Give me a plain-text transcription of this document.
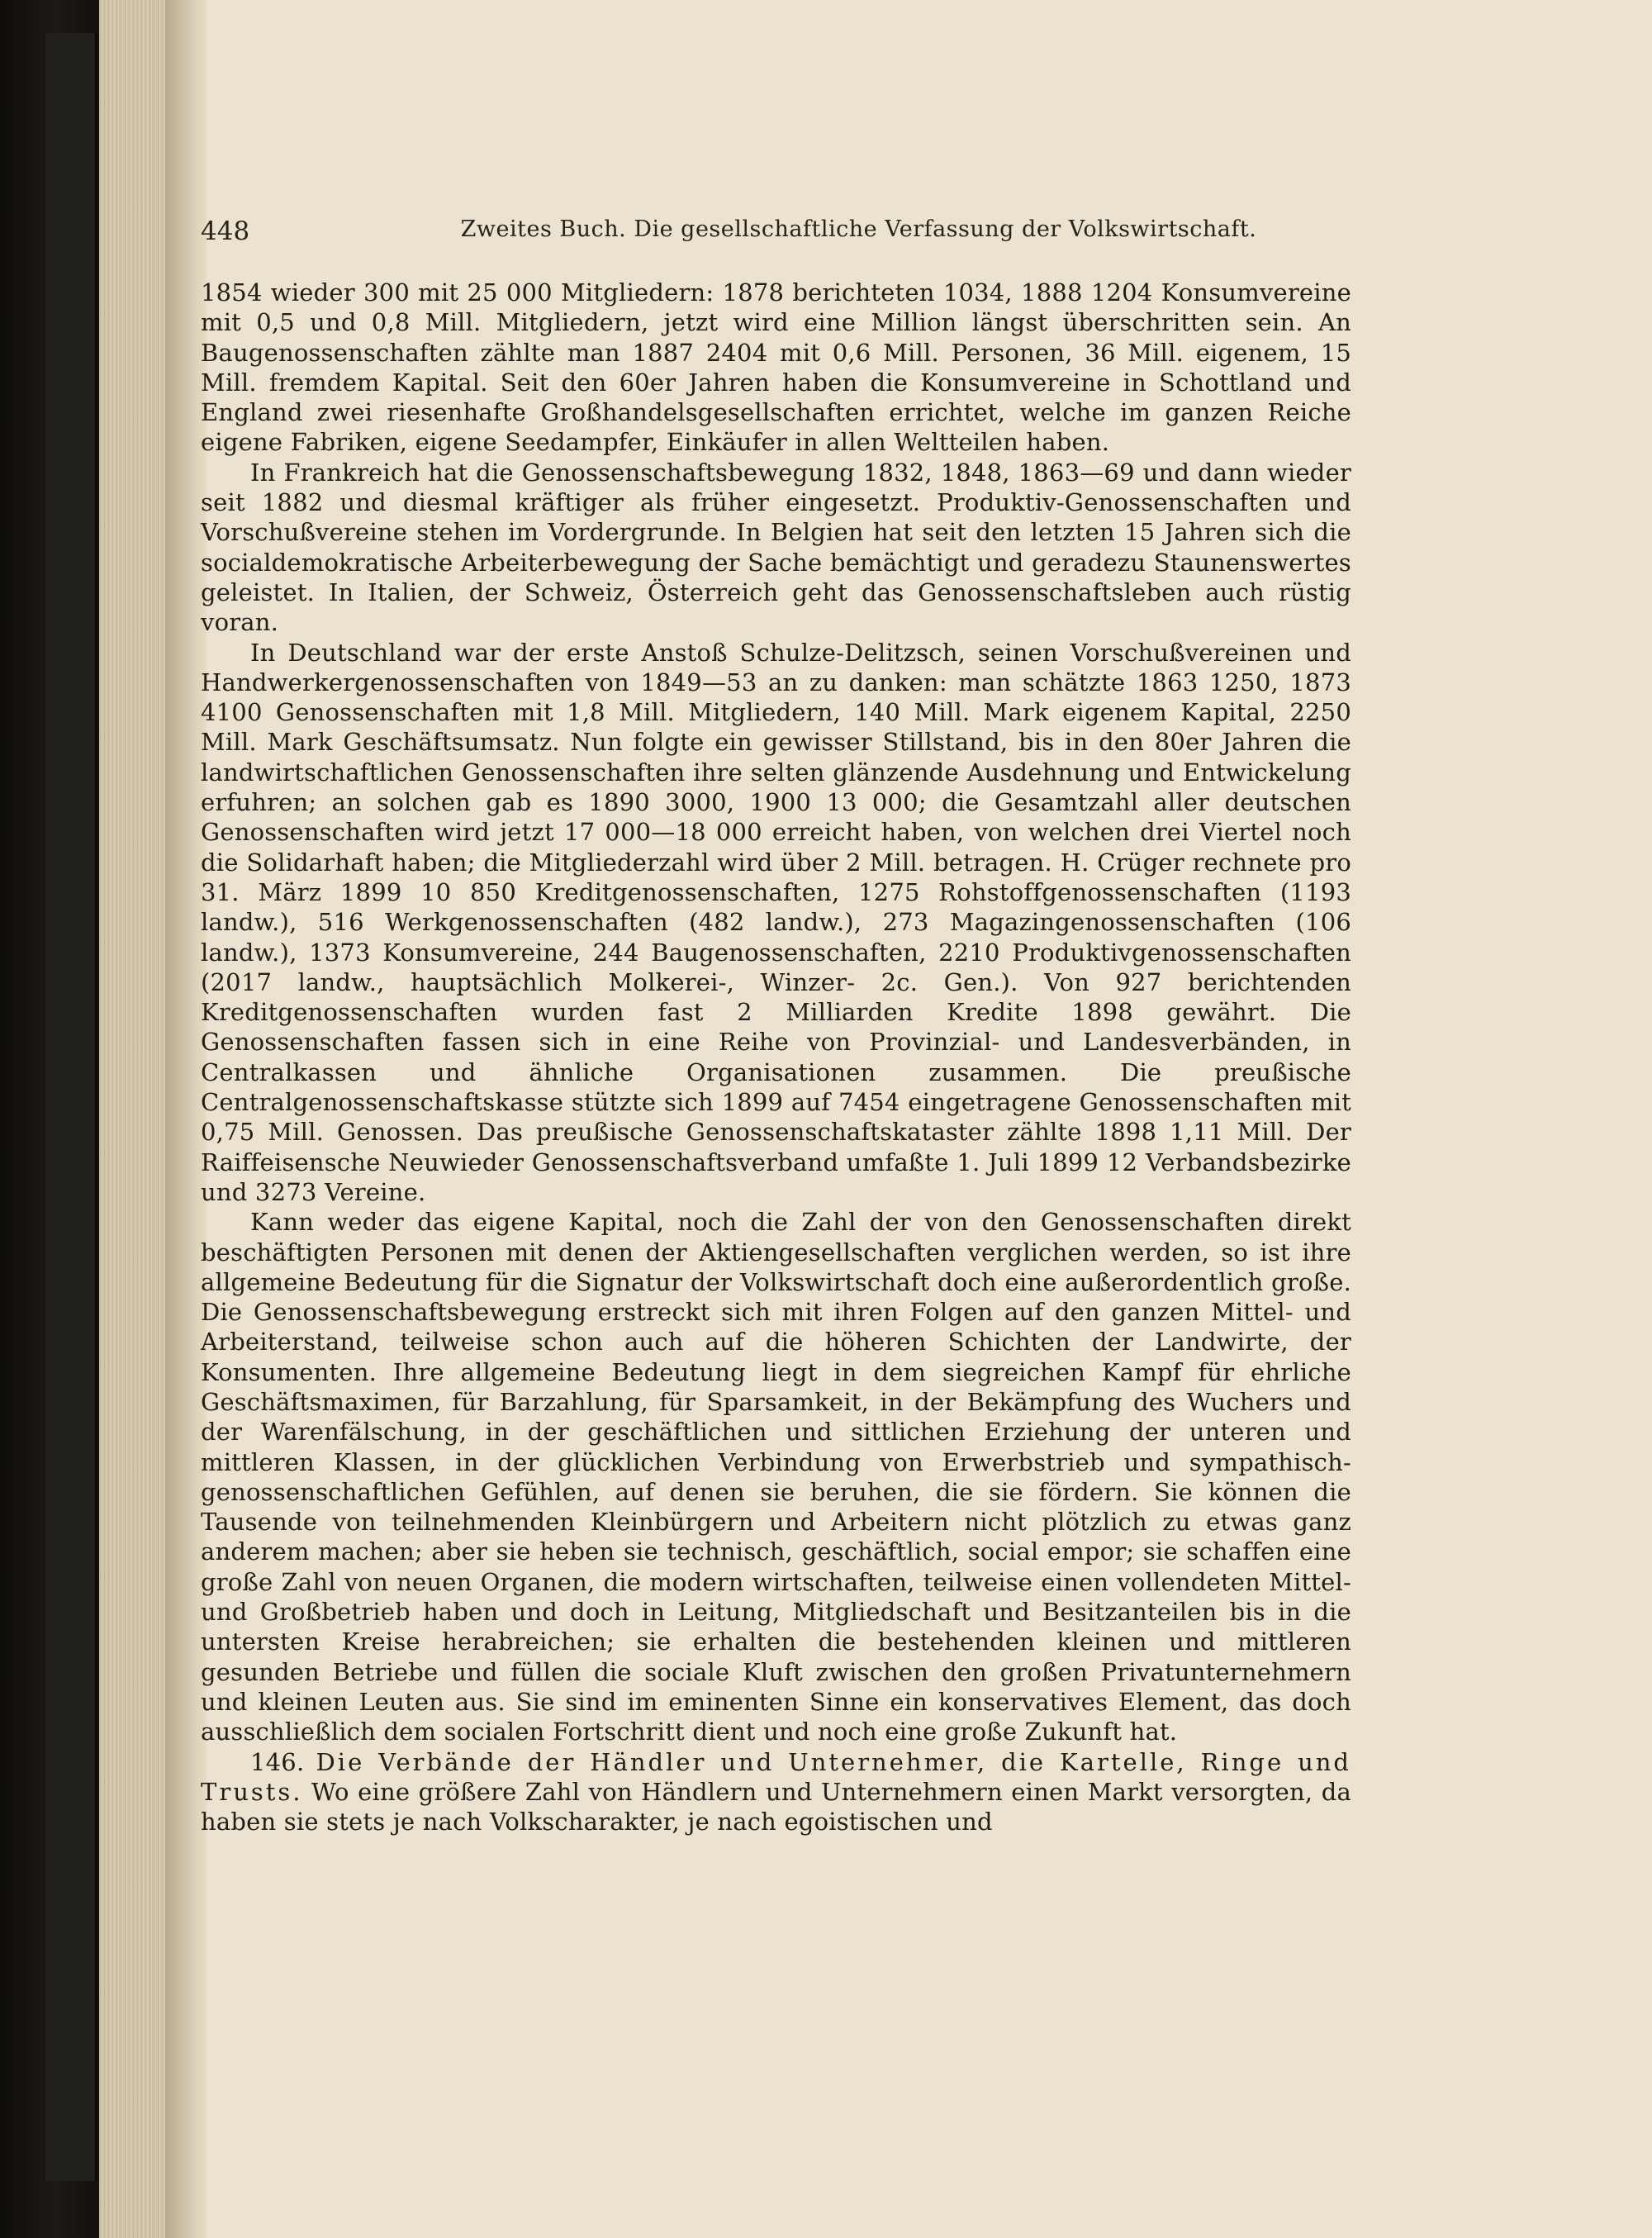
448	Zweites Buch. Die gesellschaftliche Verfassung der Volkswirtschaft.

1854 wieder 300 mit 25 000 Mitgliedern: 1878 berichteten 1034, 1888 1204 Konsumvereine mit 0,5 und 0,8 Mill. Mitgliedern, jetzt wird eine Million längst überschritten sein. An Baugenossenschaften zählte man 1887 2404 mit 0,6 Mill. Personen, 36 Mill. eigenem, 15 Mill. fremdem Kapital. Seit den 60er Jahren haben die Konsumvereine in Schottland und England zwei riesenhafte Großhandelsgesellschaften errichtet, welche im ganzen Reiche eigene Fabriken, eigene Seedampfer, Einkäufer in allen Weltteilen haben.

In Frankreich hat die Genossenschaftsbewegung 1832, 1848, 1863—69 und dann wieder seit 1882 und diesmal kräftiger als früher eingesetzt. Produktiv-Genossenschaften und Vorschußvereine stehen im Vordergrunde. In Belgien hat seit den letzten 15 Jahren sich die socialdemokratische Arbeiterbewegung der Sache bemächtigt und geradezu Staunenswertes geleistet. In Italien, der Schweiz, Österreich geht das Genossenschaftsleben auch rüstig voran.

In Deutschland war der erste Anstoß Schulze-Delitzsch, seinen Vorschußvereinen und Handwerkergenossenschaften von 1849—53 an zu danken: man schätzte 1863 1250, 1873 4100 Genossenschaften mit 1,8 Mill. Mitgliedern, 140 Mill. Mark eigenem Kapital, 2250 Mill. Mark Geschäftsumsatz. Nun folgte ein gewisser Stillstand, bis in den 80er Jahren die landwirtschaftlichen Genossenschaften ihre selten glänzende Ausdehnung und Entwickelung erfuhren; an solchen gab es 1890 3000, 1900 13 000; die Gesamtzahl aller deutschen Genossenschaften wird jetzt 17 000—18 000 erreicht haben, von welchen drei Viertel noch die Solidarhaft haben; die Mitgliederzahl wird über 2 Mill. betragen. H. Crüger rechnete pro 31. März 1899 10 850 Kreditgenossenschaften, 1275 Rohstoffgenossenschaften (1193 landw.), 516 Werkgenossenschaften (482 landw.), 273 Magazingenossenschaften (106 landw.), 1373 Konsumvereine, 244 Baugenossenschaften, 2210 Produktivgenossenschaften (2017 landw., hauptsächlich Molkerei-, Winzer- 2c. Gen.). Von 927 berichtenden Kreditgenossenschaften wurden fast 2 Milliarden Kredite 1898 gewährt. Die Genossenschaften fassen sich in eine Reihe von Provinzial- und Landesverbänden, in Centralkassen und ähnliche Organisationen zusammen. Die preußische Centralgenossenschaftskasse stützte sich 1899 auf 7454 eingetragene Genossenschaften mit 0,75 Mill. Genossen. Das preußische Genossenschaftskataster zählte 1898 1,11 Mill. Der Raiffeisensche Neuwieder Genossenschaftsverband umfaßte 1. Juli 1899 12 Verbandsbezirke und 3273 Vereine.

Kann weder das eigene Kapital, noch die Zahl der von den Genossenschaften direkt beschäftigten Personen mit denen der Aktiengesellschaften verglichen werden, so ist ihre allgemeine Bedeutung für die Signatur der Volkswirtschaft doch eine außerordentlich große. Die Genossenschaftsbewegung erstreckt sich mit ihren Folgen auf den ganzen Mittel- und Arbeiterstand, teilweise schon auch auf die höheren Schichten der Landwirte, der Konsumenten. Ihre allgemeine Bedeutung liegt in dem siegreichen Kampf für ehrliche Geschäftsmaximen, für Barzahlung, für Sparsamkeit, in der Bekämpfung des Wuchers und der Warenfälschung, in der geschäftlichen und sittlichen Erziehung der unteren und mittleren Klassen, in der glücklichen Verbindung von Erwerbstrieb und sympathisch-genossenschaftlichen Gefühlen, auf denen sie beruhen, die sie fördern. Sie können die Tausende von teilnehmenden Kleinbürgern und Arbeitern nicht plötzlich zu etwas ganz anderem machen; aber sie heben sie technisch, geschäftlich, social empor; sie schaffen eine große Zahl von neuen Organen, die modern wirtschaften, teilweise einen vollendeten Mittel- und Großbetrieb haben und doch in Leitung, Mitgliedschaft und Besitzanteilen bis in die untersten Kreise herabreichen; sie erhalten die bestehenden kleinen und mittleren gesunden Betriebe und füllen die sociale Kluft zwischen den großen Privatunternehmern und kleinen Leuten aus. Sie sind im eminenten Sinne ein konservatives Element, das doch ausschließlich dem socialen Fortschritt dient und noch eine große Zukunft hat.

146. Die Verbände der Händler und Unternehmer, die Kartelle, Ringe und Trusts. Wo eine größere Zahl von Händlern und Unternehmern einen Markt versorgten, da haben sie stets je nach Volkscharakter, je nach egoistischen und
